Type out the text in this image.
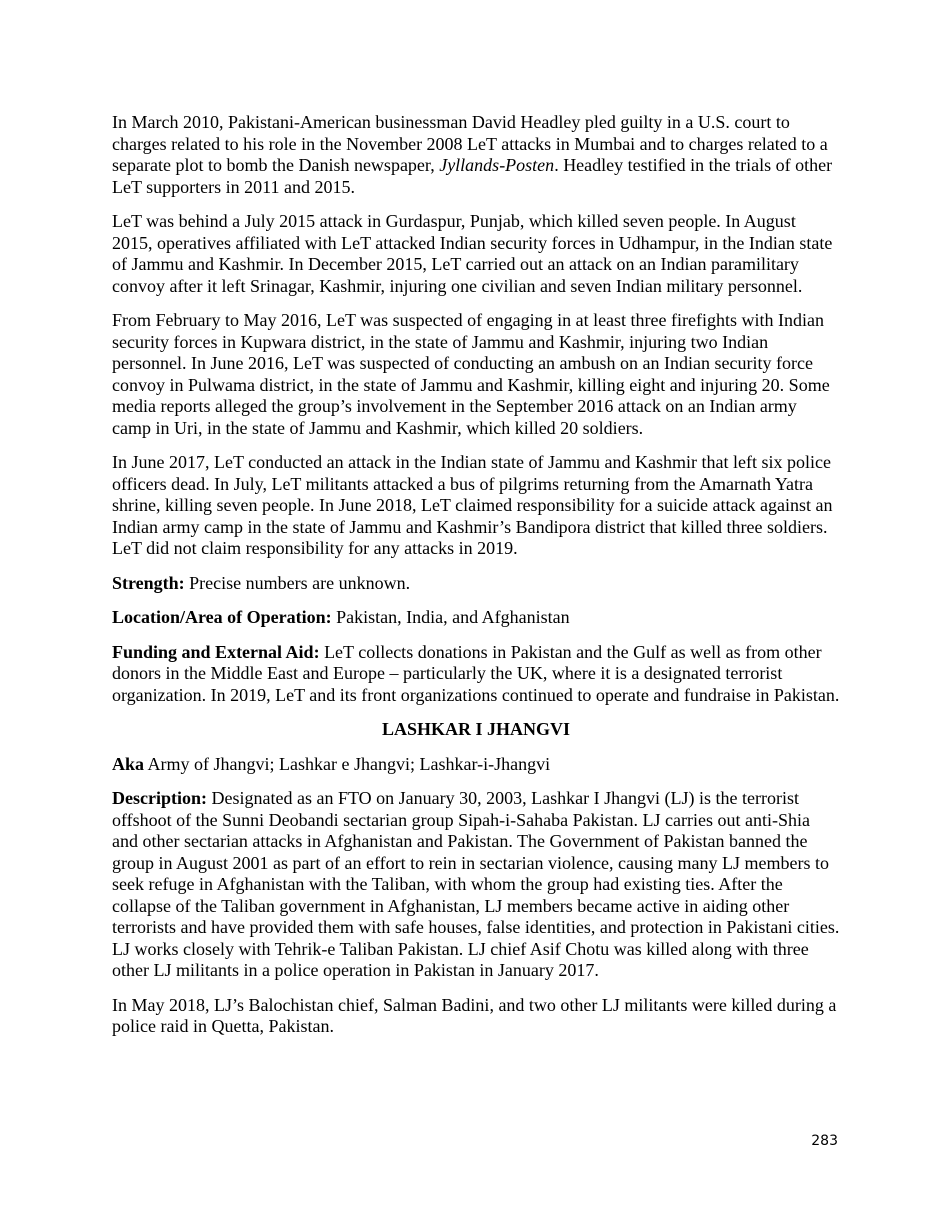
In March 2010, Pakistani-American businessman David Headley pled guilty in a U.S. court to charges related to his role in the November 2008 LeT attacks in Mumbai and to charges related to a separate plot to bomb the Danish newspaper, Jyllands-Posten. Headley testified in the trials of other LeT supporters in 2011 and 2015.

LeT was behind a July 2015 attack in Gurdaspur, Punjab, which killed seven people. In August 2015, operatives affiliated with LeT attacked Indian security forces in Udhampur, in the Indian state of Jammu and Kashmir. In December 2015, LeT carried out an attack on an Indian paramilitary convoy after it left Srinagar, Kashmir, injuring one civilian and seven Indian military personnel.

From February to May 2016, LeT was suspected of engaging in at least three firefights with Indian security forces in Kupwara district, in the state of Jammu and Kashmir, injuring two Indian personnel. In June 2016, LeT was suspected of conducting an ambush on an Indian security force convoy in Pulwama district, in the state of Jammu and Kashmir, killing eight and injuring 20. Some media reports alleged the group’s involvement in the September 2016 attack on an Indian army camp in Uri, in the state of Jammu and Kashmir, which killed 20 soldiers.

In June 2017, LeT conducted an attack in the Indian state of Jammu and Kashmir that left six police officers dead. In July, LeT militants attacked a bus of pilgrims returning from the Amarnath Yatra shrine, killing seven people. In June 2018, LeT claimed responsibility for a suicide attack against an Indian army camp in the state of Jammu and Kashmir’s Bandipora district that killed three soldiers. LeT did not claim responsibility for any attacks in 2019.

Strength: Precise numbers are unknown.

Location/Area of Operation: Pakistan, India, and Afghanistan

Funding and External Aid: LeT collects donations in Pakistan and the Gulf as well as from other donors in the Middle East and Europe – particularly the UK, where it is a designated terrorist organization. In 2019, LeT and its front organizations continued to operate and fundraise in Pakistan.

LASHKAR I JHANGVI

Aka Army of Jhangvi; Lashkar e Jhangvi; Lashkar-i-Jhangvi

Description: Designated as an FTO on January 30, 2003, Lashkar I Jhangvi (LJ) is the terrorist offshoot of the Sunni Deobandi sectarian group Sipah-i-Sahaba Pakistan. LJ carries out anti-Shia and other sectarian attacks in Afghanistan and Pakistan. The Government of Pakistan banned the group in August 2001 as part of an effort to rein in sectarian violence, causing many LJ members to seek refuge in Afghanistan with the Taliban, with whom the group had existing ties. After the collapse of the Taliban government in Afghanistan, LJ members became active in aiding other terrorists and have provided them with safe houses, false identities, and protection in Pakistani cities. LJ works closely with Tehrik-e Taliban Pakistan. LJ chief Asif Chotu was killed along with three other LJ militants in a police operation in Pakistan in January 2017.

In May 2018, LJ’s Balochistan chief, Salman Badini, and two other LJ militants were killed during a police raid in Quetta, Pakistan.

283
